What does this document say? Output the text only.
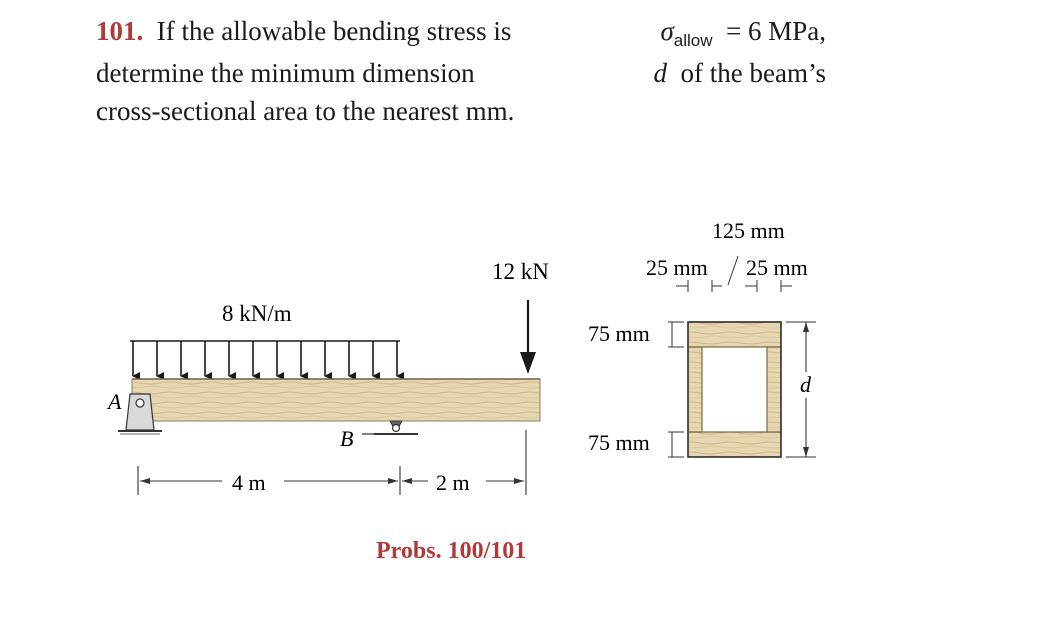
101. If the allowable bending stress is	$\sigma_{allow} = 6$ MPa,
determine the minimum dimension	d of the beam’s
cross-sectional area to the nearest mm.
8 kN/m
12 kN
A
B
4 m	2 m
125 mm
25 mm 25 mm
75 mm
75 mm
d
Probs. 100/101
